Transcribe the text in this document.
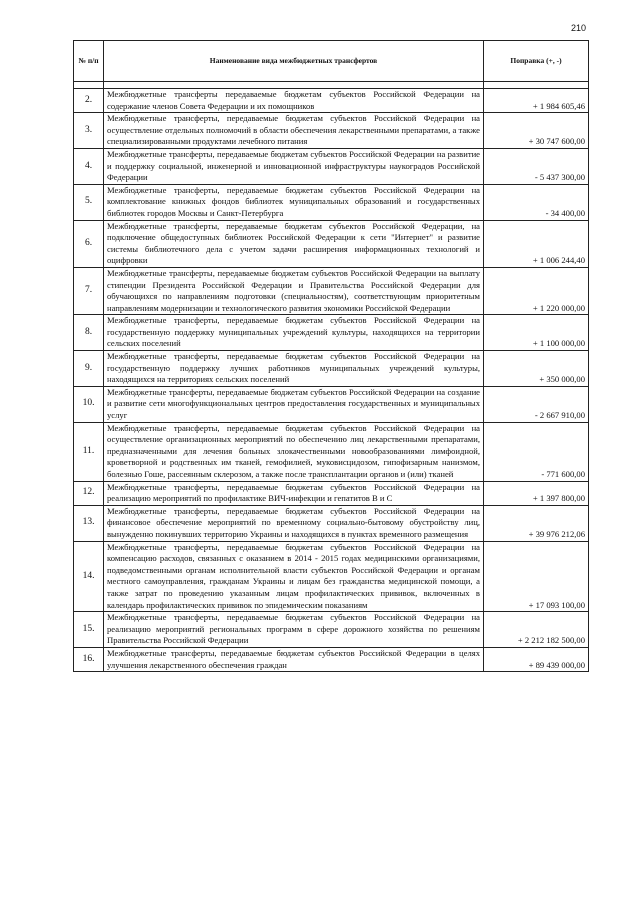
210
№ п/п	Наименование вида межбюджетных трансфертов	Поправка (+, -)

2.	Межбюджетные трансферты передаваемые бюджетам субъектов Российской Федерации на содержание членов Совета Федерации и их помощников	+ 1 984 605,46
3.	Межбюджетные трансферты, передаваемые бюджетам субъектов Российской Федерации на осуществление отдельных полномочий в области обеспечения лекарственными препаратами, а также специализированными продуктами лечебного питания	+ 30 747 600,00
4.	Межбюджетные трансферты, передаваемые бюджетам субъектов Российской Федерации на развитие и поддержку социальной, инженерной и инновационной инфраструктуры наукоградов Российской Федерации	- 5 437 300,00
5.	Межбюджетные трансферты, передаваемые бюджетам субъектов Российской Федерации на комплектование книжных фондов библиотек муниципальных образований и государственных библиотек городов Москвы и Санкт-Петербурга	- 34 400,00
6.	Межбюджетные трансферты, передаваемые бюджетам субъектов Российской Федерации, на подключение общедоступных библиотек Российской Федерации к сети "Интернет" и развитие системы библиотечного дела с учетом задачи расширения информационных технологий и оцифровки	+ 1 006 244,40
7.	Межбюджетные трансферты, передаваемые бюджетам субъектов Российской Федерации на выплату стипендии Президента Российской Федерации и Правительства Российской Федерации для обучающихся по направлениям подготовки (специальностям), соответствующим приоритетным направлениям модернизации и технологического развития экономики Российской Федерации	+ 1 220 000,00
8.	Межбюджетные трансферты, передаваемые бюджетам субъектов Российской Федерации на государственную поддержку муниципальных учреждений культуры, находящихся на территории сельских поселений	+ 1 100 000,00
9.	Межбюджетные трансферты, передаваемые бюджетам субъектов Российской Федерации на государственную поддержку лучших работников муниципальных учреждений культуры, находящихся на территориях сельских поселений	+ 350 000,00
10.	Межбюджетные трансферты, передаваемые бюджетам субъектов Российской Федерации на создание и развитие сети многофункциональных центров предоставления государственных и муниципальных услуг	- 2 667 910,00
11.	Межбюджетные трансферты, передаваемые бюджетам субъектов Российской Федерации на осуществление организационных мероприятий по обеспечению лиц лекарственными препаратами, предназначенными для лечения больных злокачественными новообразованиями лимфоидной, кроветворной и родственных им тканей, гемофилией, муковисцидозом, гипофизарным нанизмом, болезнью Гоше, рассеянным склерозом, а также после трансплантации органов и (или) тканей	- 771 600,00
12.	Межбюджетные трансферты, передаваемые бюджетам субъектов Российской Федерации на реализацию мероприятий по профилактике ВИЧ-инфекции и гепатитов В и С	+ 1 397 800,00
13.	Межбюджетные трансферты, передаваемые бюджетам субъектов Российской Федерации на финансовое обеспечение мероприятий по временному социально-бытовому обустройству лиц, вынужденно покинувших территорию Украины и находящихся в пунктах временного размещения	+ 39 976 212,06
14.	Межбюджетные трансферты, передаваемые бюджетам субъектов Российской Федерации на компенсацию расходов, связанных с оказанием в 2014 - 2015 годах медицинскими организациями, подведомственными органам исполнительной власти субъектов Российской Федерации и органам местного самоуправления, гражданам Украины и лицам без гражданства медицинской помощи, а также затрат по проведению указанным лицам профилактических прививок, включенных в календарь профилактических прививок по эпидемическим показаниям	+ 17 093 100,00
15.	Межбюджетные трансферты, передаваемые бюджетам субъектов Российской Федерации на реализацию мероприятий региональных программ в сфере дорожного хозяйства по решениям Правительства Российской Федерации	+ 2 212 182 500,00
16.	Межбюджетные трансферты, передаваемые бюджетам субъектов Российской Федерации в целях улучшения лекарственного обеспечения граждан	+ 89 439 000,00
